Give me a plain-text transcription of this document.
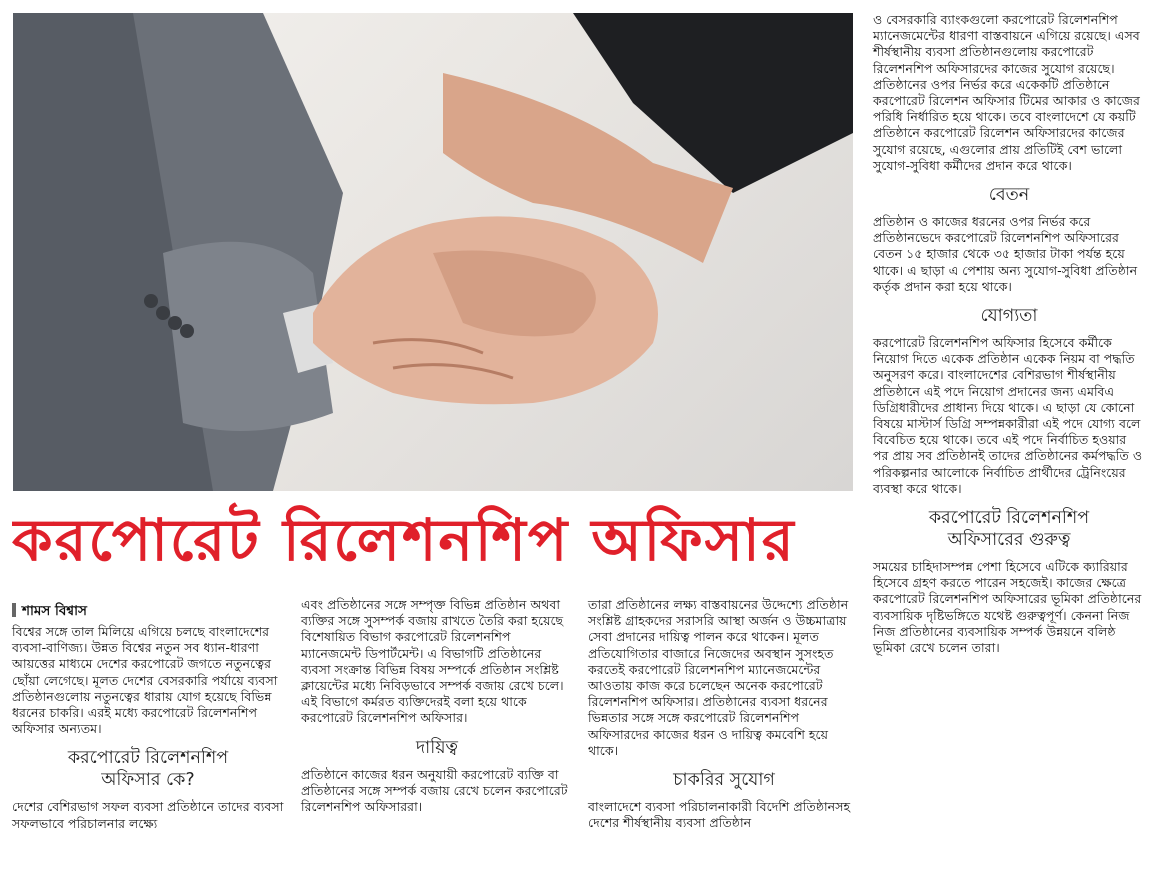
করপোরেট রিলেশনশিপ অফিসার
শামস বিশ্বাস

বিশ্বের সঙ্গে তাল মিলিয়ে এগিয়ে চলছে বাংলাদেশের ব্যবসা-বাণিজ্য। উন্নত বিশ্বের নতুন সব ধ্যান-ধারণা আয়ত্তের মাধ্যমে দেশের করপোরেট জগতে নতুনত্বের ছোঁয়া লেগেছে। মূলত দেশের বেসরকারি পর্যায়ে ব্যবসা প্রতিষ্ঠানগুলোয় নতুনত্বের ধারায় যোগ হয়েছে বিভিন্ন ধরনের চাকরি। এরই মধ্যে করপোরেট রিলেশনশিপ অফিসার অন্যতম।

করপোরেট রিলেশনশিপ
অফিসার কে?

দেশের বেশিরভাগ সফল ব্যবসা প্রতিষ্ঠানে তাদের ব্যবসা সফলভাবে পরিচালনার লক্ষ্যে

এবং প্রতিষ্ঠানের সঙ্গে সম্পৃক্ত বিভিন্ন প্রতিষ্ঠান অথবা ব্যক্তির সঙ্গে সুসম্পর্ক বজায় রাখতে তৈরি করা হয়েছে বিশেষায়িত বিভাগ করপোরেট রিলেশনশিপ ম্যানেজমেন্ট ডিপার্টমেন্ট। এ বিভাগটি প্রতিষ্ঠানের ব্যবসা সংক্রান্ত বিভিন্ন বিষয় সম্পর্কে প্রতিষ্ঠান সংশ্লিষ্ট ক্লায়েন্টের মধ্যে নিবিড়ভাবে সম্পর্ক বজায় রেখে চলে। এই বিভাগে কর্মরত ব্যক্তিদেরই বলা হয়ে থাকে করপোরেট রিলেশনশিপ অফিসার।

দায়িত্ব

প্রতিষ্ঠানে কাজের ধরন অনুযায়ী করপোরেট ব্যক্তি বা প্রতিষ্ঠানের সঙ্গে সম্পর্ক বজায় রেখে চলেন করপোরেট রিলেশনশিপ অফিসাররা।

তারা প্রতিষ্ঠানের লক্ষ্য বাস্তবায়নের উদ্দেশ্যে প্রতিষ্ঠান সংশ্লিষ্ট গ্রাহকদের সরাসরি আস্থা অর্জন ও উচ্চমাত্রায় সেবা প্রদানের দায়িত্ব পালন করে থাকেন। মূলত প্রতিযোগিতার বাজারে নিজেদের অবস্থান সুসংহত করতেই করপোরেট রিলেশনশিপ ম্যানেজমেন্টের আওতায় কাজ করে চলেছেন অনেক করপোরেট রিলেশনশিপ অফিসার। প্রতিষ্ঠানের ব্যবসা ধরনের ভিন্নতার সঙ্গে সঙ্গে করপোরেট রিলেশনশিপ অফিসারদের কাজের ধরন ও দায়িত্ব কমবেশি হয়ে থাকে।

চাকরির সুযোগ

বাংলাদেশে ব্যবসা পরিচালনাকারী বিদেশি প্রতিষ্ঠানসহ দেশের শীর্ষস্থানীয় ব্যবসা প্রতিষ্ঠান

ও বেসরকারি ব্যাংকগুলো করপোরেট রিলেশনশিপ ম্যানেজমেন্টের ধারণা বাস্তবায়নে এগিয়ে রয়েছে। এসব শীর্ষস্থানীয় ব্যবসা প্রতিষ্ঠানগুলোয় করপোরেট রিলেশনশিপ অফিসারদের কাজের সুযোগ রয়েছে। প্রতিষ্ঠানের ওপর নির্ভর করে একেকটি প্রতিষ্ঠানে করপোরেট রিলেশন অফিসার টিমের আকার ও কাজের পরিধি নির্ধারিত হয়ে থাকে। তবে বাংলাদেশে যে কয়টি প্রতিষ্ঠানে করপোরেট রিলেশন অফিসারদের কাজের সুযোগ রয়েছে, এগুলোর প্রায় প্রতিটিই বেশ ভালো সুযোগ-সুবিধা কর্মীদের প্রদান করে থাকে।

বেতন

প্রতিষ্ঠান ও কাজের ধরনের ওপর নির্ভর করে প্রতিষ্ঠানভেদে করপোরেট রিলেশনশিপ অফিসারের বেতন ১৫ হাজার থেকে ৩৫ হাজার টাকা পর্যন্ত হয়ে থাকে। এ ছাড়া এ পেশায় অন্য সুযোগ-সুবিধা প্রতিষ্ঠান কর্তৃক প্রদান করা হয়ে থাকে।

যোগ্যতা

করপোরেট রিলেশনশিপ অফিসার হিসেবে কর্মীকে নিয়োগ দিতে একেক প্রতিষ্ঠান একেক নিয়ম বা পদ্ধতি অনুসরণ করে। বাংলাদেশের বেশিরভাগ শীর্ষস্থানীয় প্রতিষ্ঠানে এই পদে নিয়োগ প্রদানের জন্য এমবিএ ডিগ্রিধারীদের প্রাধান্য দিয়ে থাকে। এ ছাড়া যে কোনো বিষয়ে মাস্টার্স ডিগ্রি সম্পন্নকারীরা এই পদে যোগ্য বলে বিবেচিত হয়ে থাকে। তবে এই পদে নির্বাচিত হওয়ার পর প্রায় সব প্রতিষ্ঠানই তাদের প্রতিষ্ঠানের কর্মপদ্ধতি ও পরিকল্পনার আলোকে নির্বাচিত প্রার্থীদের ট্রেনিংয়ের ব্যবস্থা করে থাকে।

করপোরেট রিলেশনশিপ
অফিসারের গুরুত্ব

সময়ের চাহিদাসম্পন্ন পেশা হিসেবে এটিকে ক্যারিয়ার হিসেবে গ্রহণ করতে পারেন সহজেই। কাজের ক্ষেত্রে করপোরেট রিলেশনশিপ অফিসারের ভূমিকা প্রতিষ্ঠানের ব্যবসায়িক দৃষ্টিভঙ্গিতে যথেষ্ট গুরুত্বপূর্ণ। কেননা নিজ নিজ প্রতিষ্ঠানের ব্যবসায়িক সম্পর্ক উন্নয়নে বলিষ্ঠ ভূমিকা রেখে চলেন তারা।
